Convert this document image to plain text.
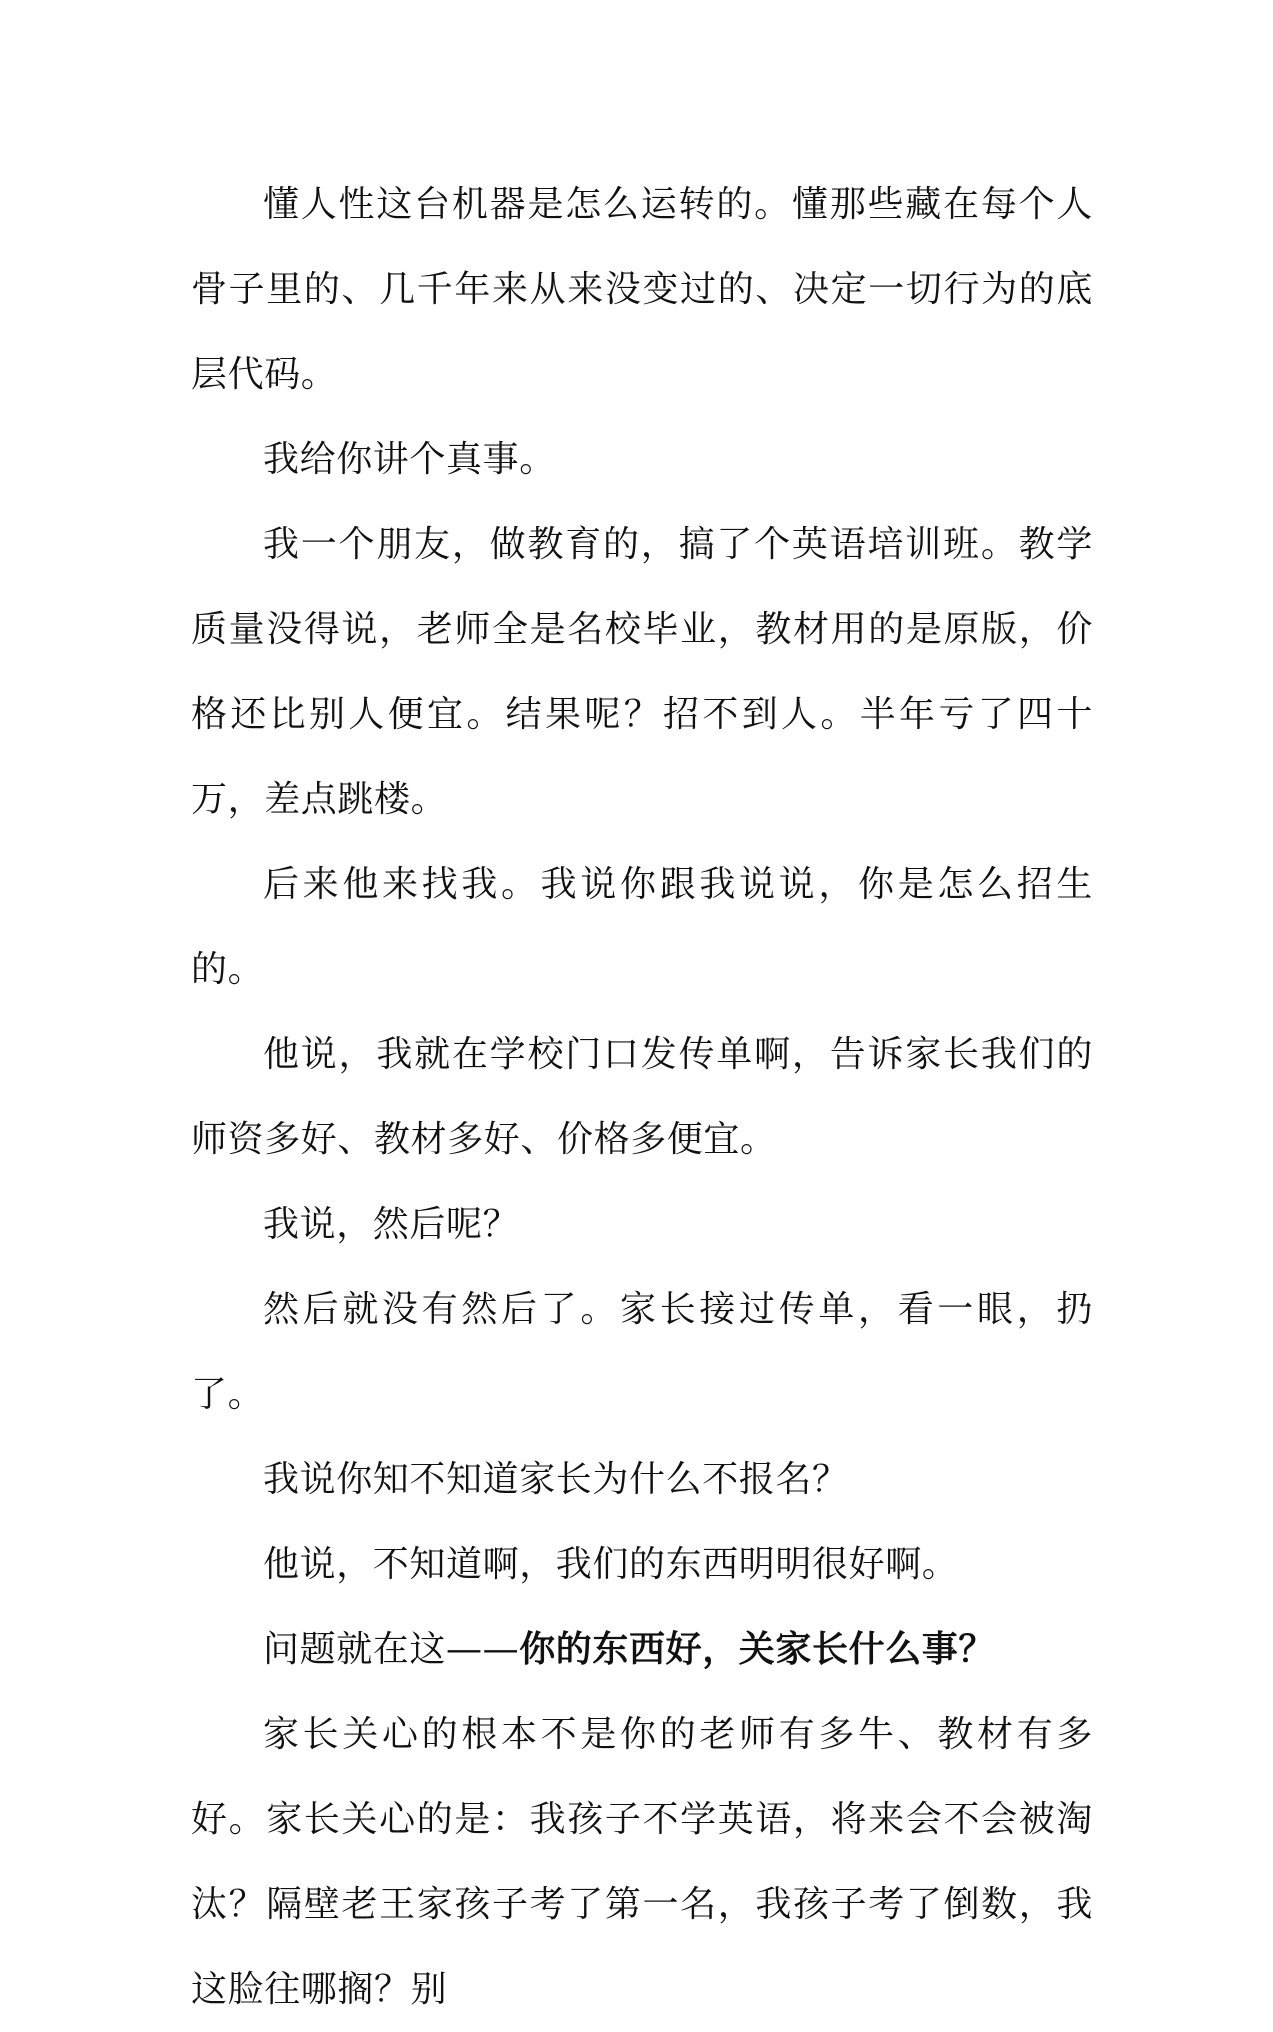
懂人性这台机器是怎么运转的。懂那些藏在每个人骨子里的、几千年来从来没变过的、决定一切行为的底层代码。

我给你讲个真事。

我一个朋友，做教育的，搞了个英语培训班。教学质量没得说，老师全是名校毕业，教材用的是原版，价格还比别人便宜。结果呢？招不到人。半年亏了四十万，差点跳楼。

后来他来找我。我说你跟我说说，你是怎么招生的。

他说，我就在学校门口发传单啊，告诉家长我们的师资多好、教材多好、价格多便宜。

我说，然后呢？

然后就没有然后了。家长接过传单，看一眼，扔了。

我说你知不知道家长为什么不报名？

他说，不知道啊，我们的东西明明很好啊。

问题就在这——你的东西好，关家长什么事？

家长关心的根本不是你的老师有多牛、教材有多好。家长关心的是：我孩子不学英语，将来会不会被淘汰？隔壁老王家孩子考了第一名，我孩子考了倒数，我这脸往哪搁？别
